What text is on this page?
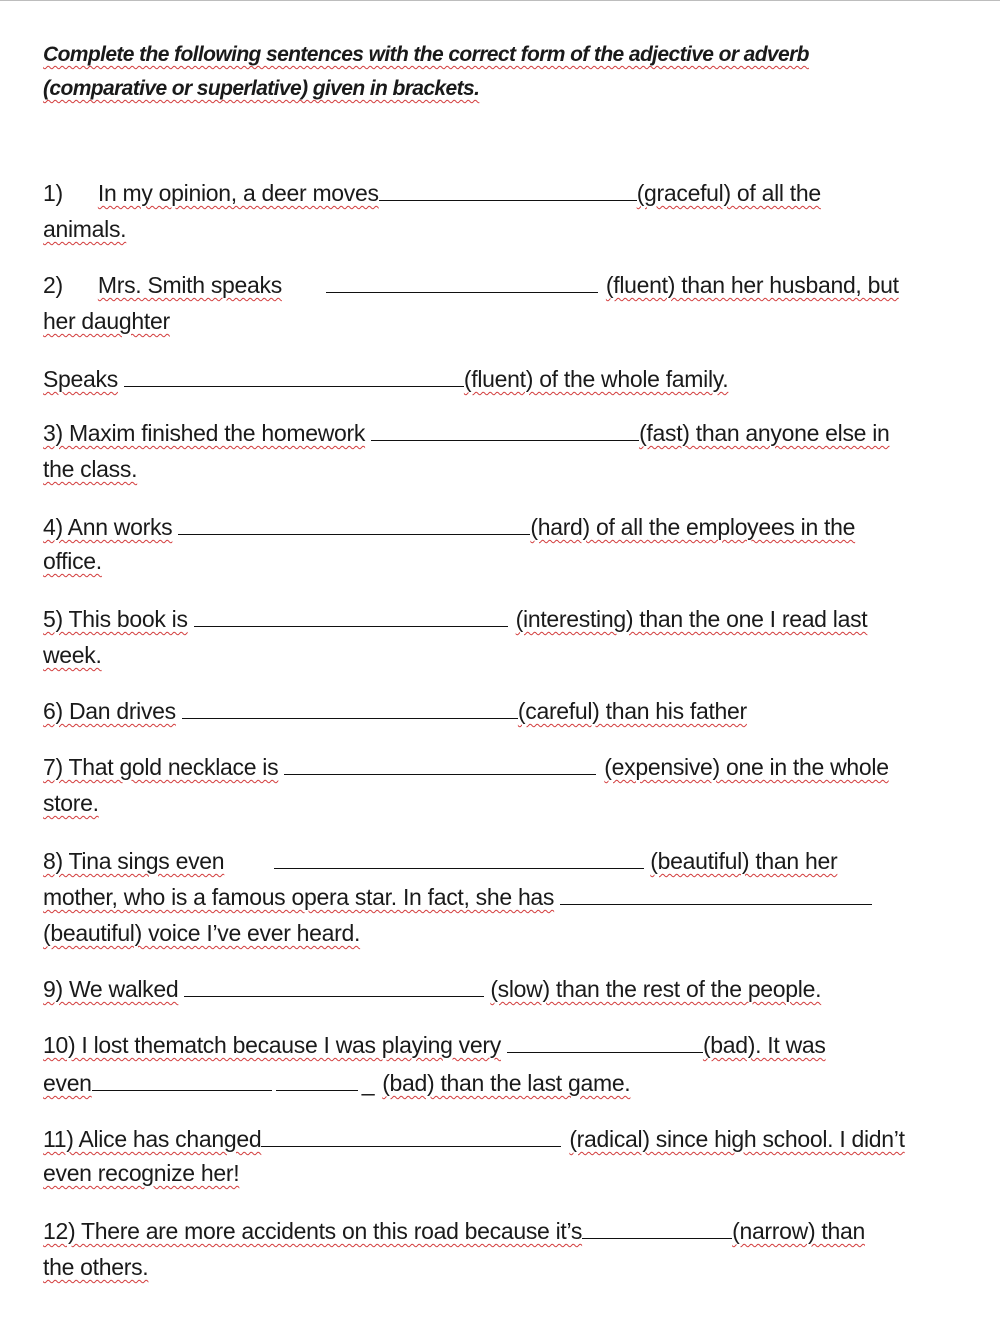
Complete the following sentences with the correct form of the adjective or adverb
(comparative or superlative) given in brackets.
1) In my opinion, a deer moves	(graceful) of all the
animals.
2) Mrs. Smith speaks	(fluent) than her husband, but
her daughter
Speaks	(fluent) of the whole family.
3) Maxim finished the homework	(fast) than anyone else in
the class.
4) Ann works	(hard) of all the employees in the
office.
5) This book is	(interesting) than the one I read last
week.
6) Dan drives	(careful) than his father
7) That gold necklace is	(expensive) one in the whole
store.
8) Tina sings even	(beautiful) than her
mother, who is a famous opera star. In fact, she has
(beautiful) voice I’ve ever heard.
9) We walked	(slow) than the rest of the people.
10) I lost thematch because I was playing very	(bad). It was
even	_ (bad) than the last game.
11) Alice has changed	(radical) since high school. I didn’t
even recognize her!
12) There are more accidents on this road because it’s	(narrow) than
the others.
